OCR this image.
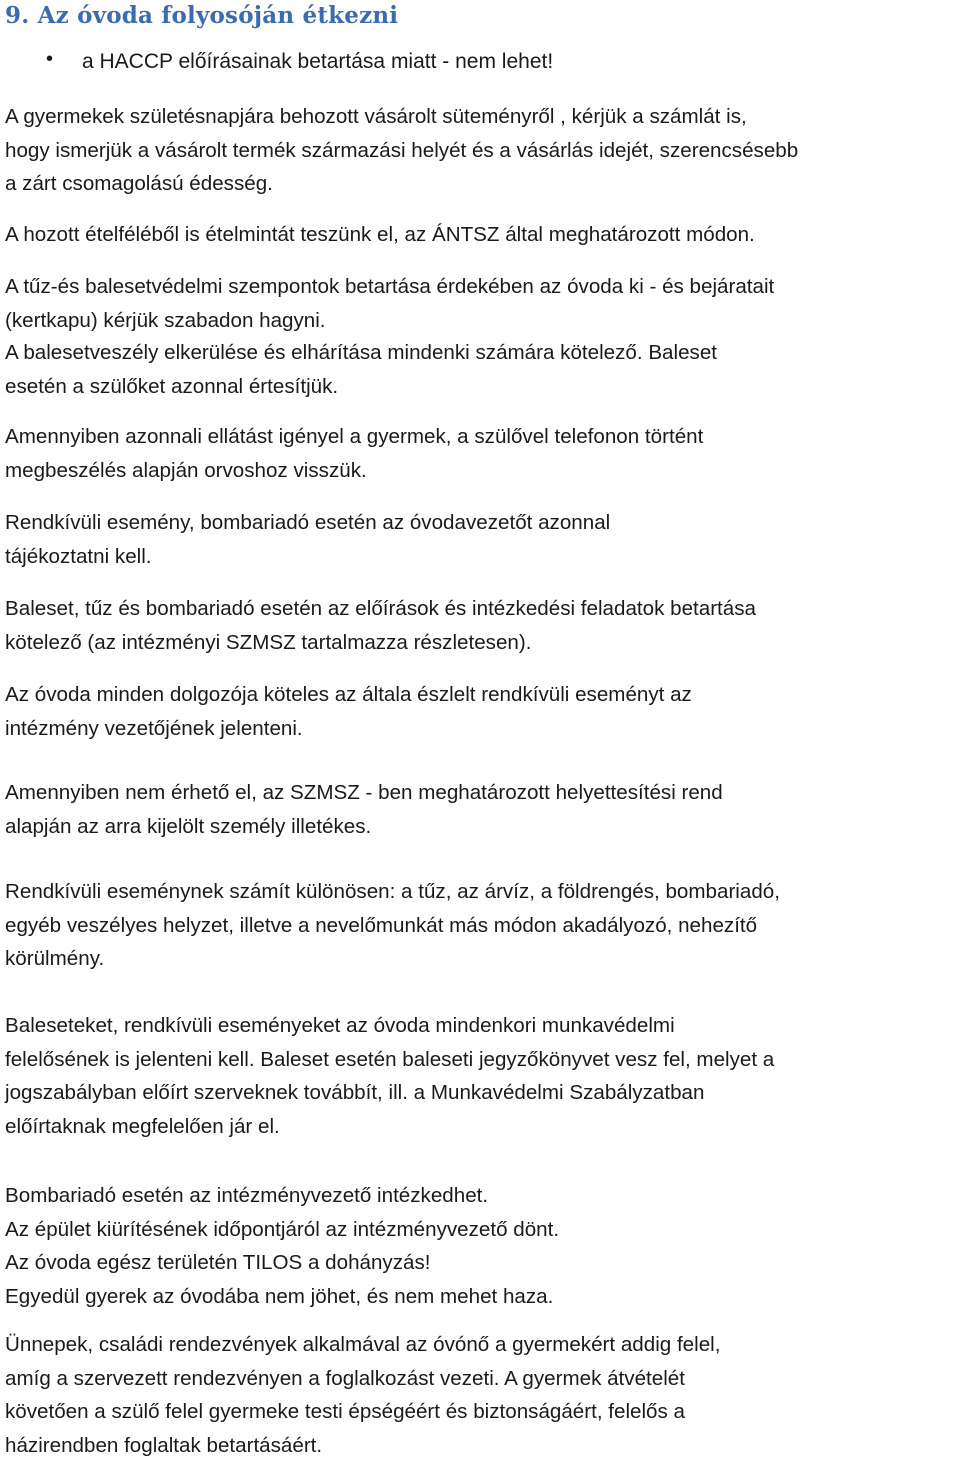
9. Az óvoda folyosóján étkezni
• a HACCP előírásainak betartása miatt - nem lehet!

A gyermekek születésnapjára behozott vásárolt süteményről , kérjük a számlát is,
hogy ismerjük a vásárolt termék származási helyét és a vásárlás idejét, szerencsésebb
a zárt csomagolású édesség.

A hozott ételféléből is ételmintát teszünk el, az ÁNTSZ által meghatározott módon.

A tűz-és balesetvédelmi szempontok betartása érdekében az óvoda ki - és bejáratait
(kertkapu) kérjük szabadon hagyni.

A balesetveszély elkerülése és elhárítása mindenki számára kötelező. Baleset
esetén a szülőket azonnal értesítjük.

Amennyiben azonnali ellátást igényel a gyermek, a szülővel telefonon történt
megbeszélés alapján orvoshoz visszük.

Rendkívüli esemény, bombariadó esetén az óvodavezetőt azonnal
tájékoztatni kell.

Baleset, tűz és bombariadó esetén az előírások és intézkedési feladatok betartása
kötelező (az intézményi SZMSZ tartalmazza részletesen).

Az óvoda minden dolgozója köteles az általa észlelt rendkívüli eseményt az
intézmény vezetőjének jelenteni.

Amennyiben nem érhető el, az SZMSZ - ben meghatározott helyettesítési rend
alapján az arra kijelölt személy illetékes.

Rendkívüli eseménynek számít különösen: a tűz, az árvíz, a földrengés, bombariadó,
egyéb veszélyes helyzet, illetve a nevelőmunkát más módon akadályozó, nehezítő
körülmény.

Baleseteket, rendkívüli eseményeket az óvoda mindenkori munkavédelmi
felelősének is jelenteni kell. Baleset esetén baleseti jegyzőkönyvet vesz fel, melyet a
jogszabályban előírt szerveknek továbbít, ill. a Munkavédelmi Szabályzatban
előírtaknak megfelelően jár el.

Bombariadó esetén az intézményvezető intézkedhet.
Az épület kiürítésének időpontjáról az intézményvezető dönt.
Az óvoda egész területén TILOS a dohányzás!
Egyedül gyerek az óvodába nem jöhet, és nem mehet haza.

Ünnepek, családi rendezvények alkalmával az óvónő a gyermekért addig felel,
amíg a szervezett rendezvényen a foglalkozást vezeti. A gyermek átvételét
követően a szülő felel gyermeke testi épségéért és biztonságáért, felelős a
házirendben foglaltak betartásáért.
